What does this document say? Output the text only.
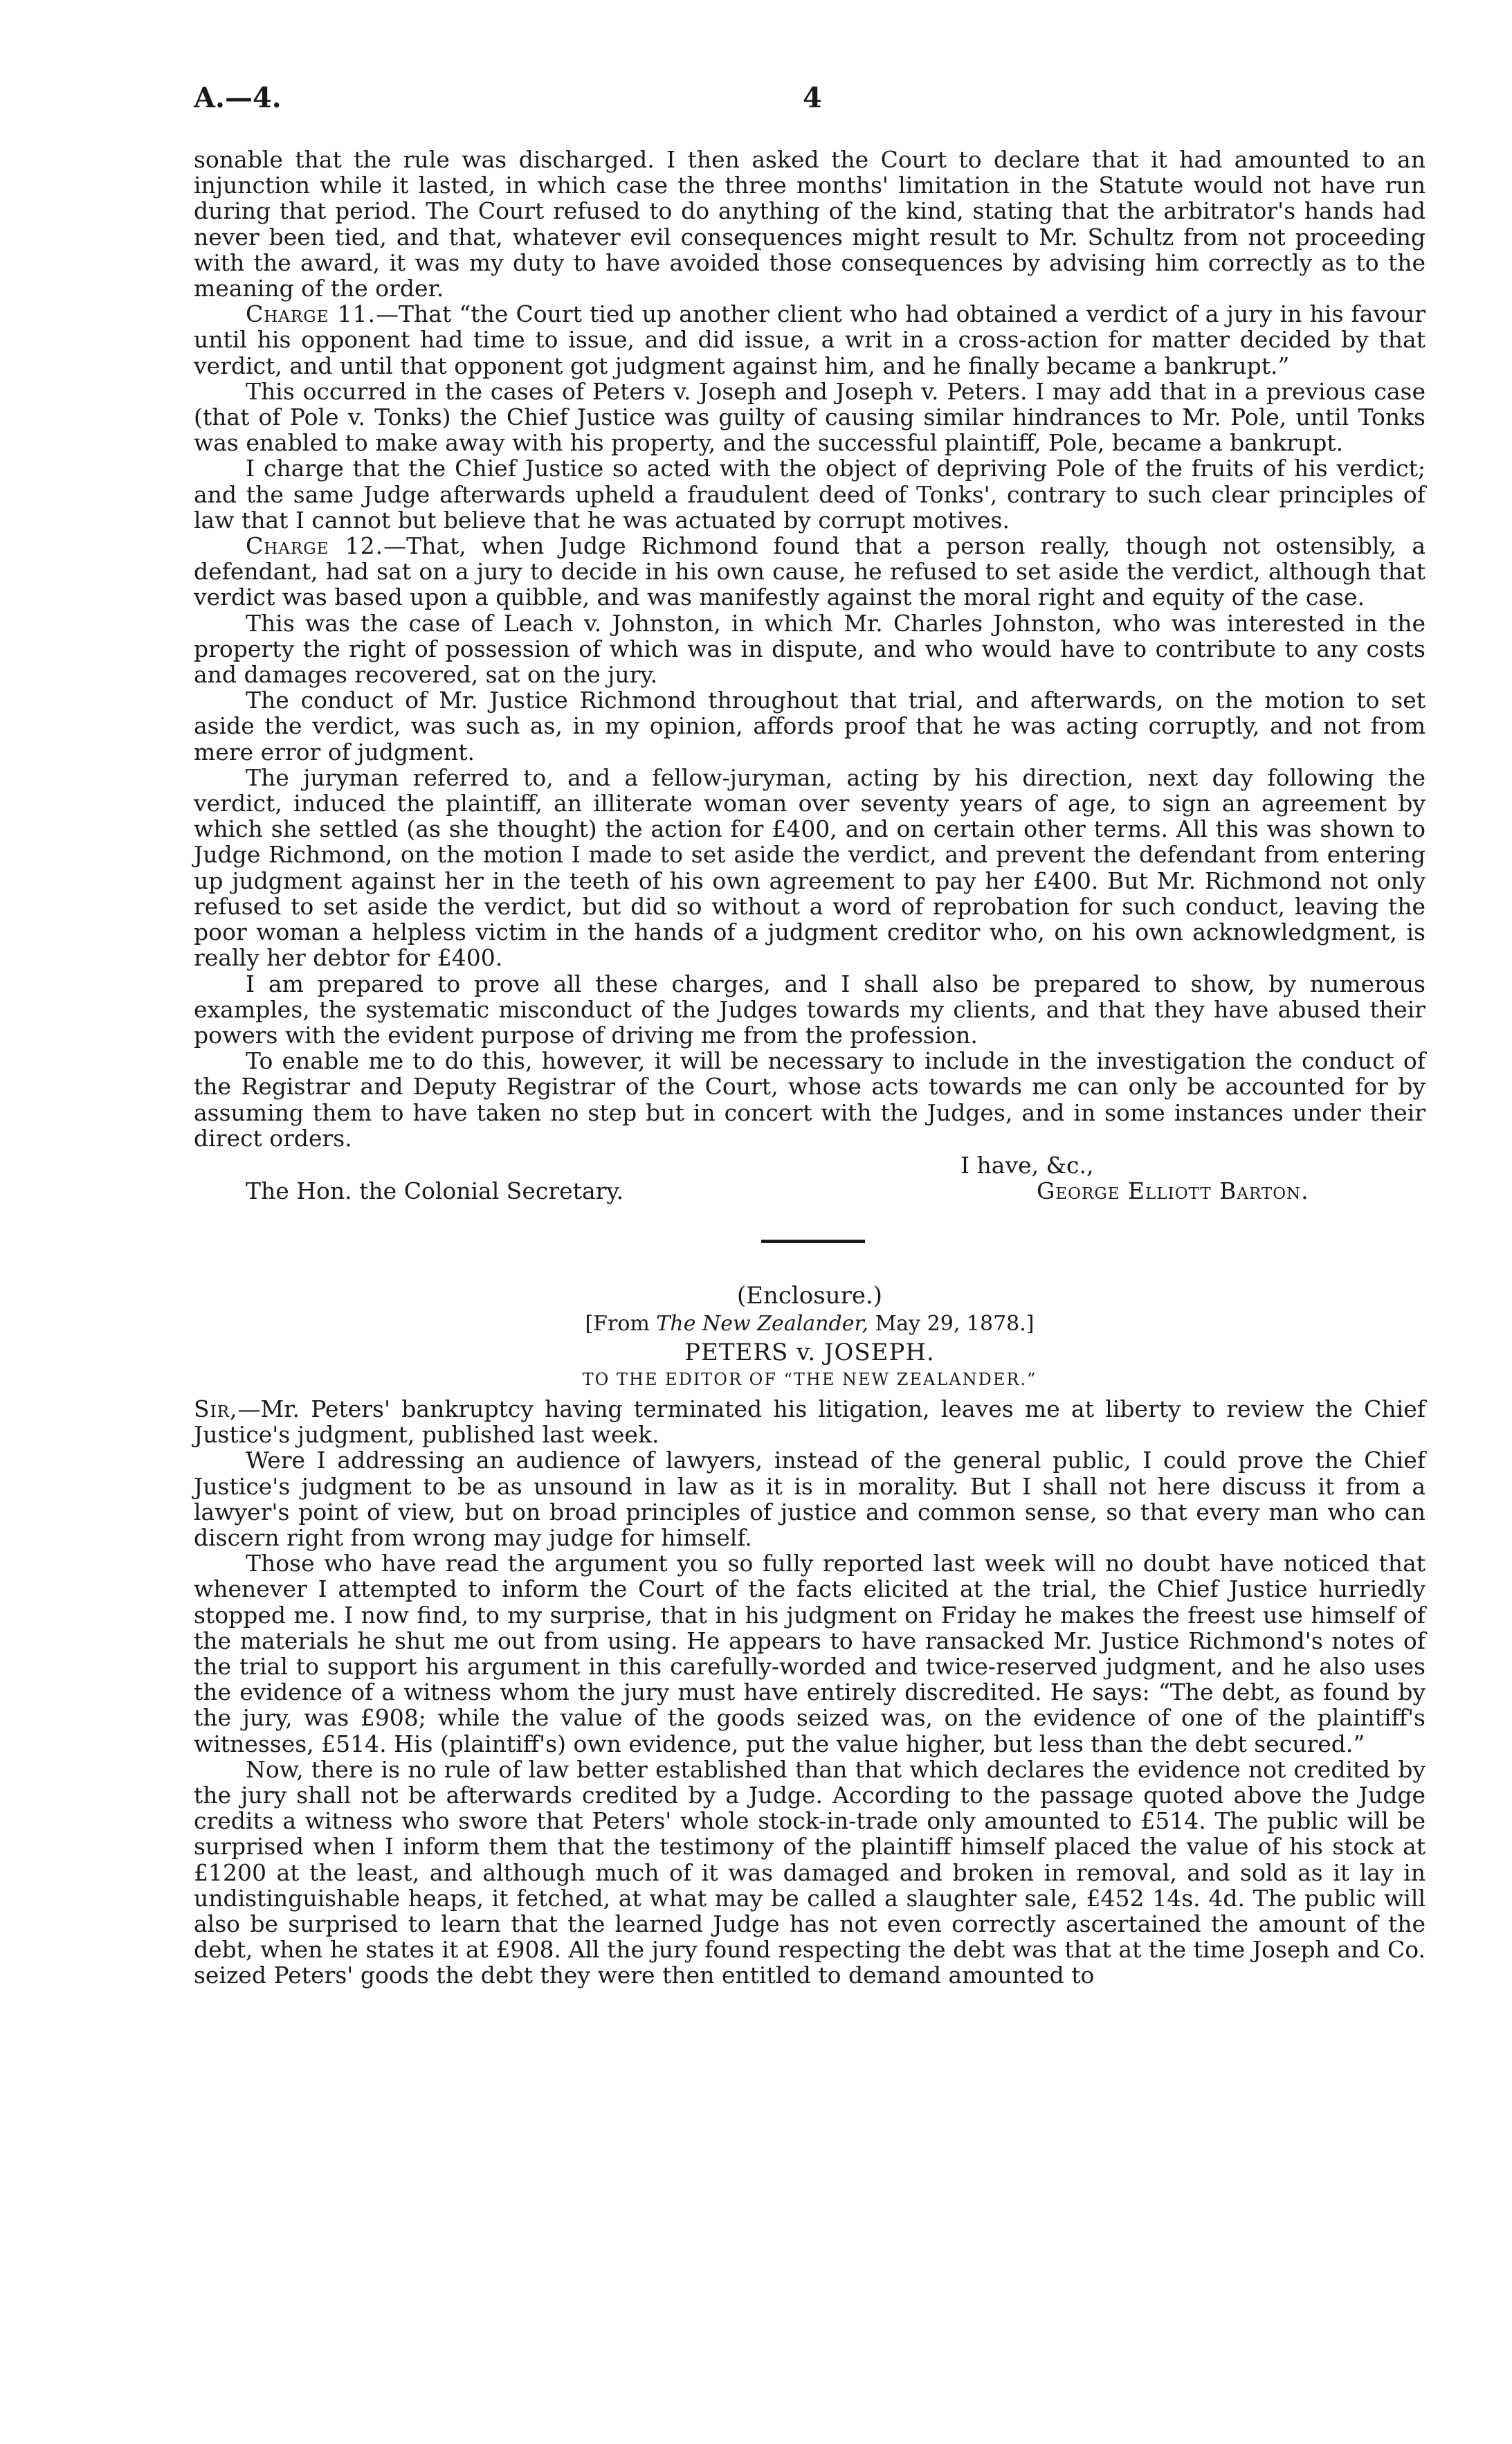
A.—4.	4

sonable that the rule was discharged. I then asked the Court to declare that it had amounted to an injunction while it lasted, in which case the three months' limitation in the Statute would not have run during that period. The Court refused to do anything of the kind, stating that the arbitrator's hands had never been tied, and that, whatever evil consequences might result to Mr. Schultz from not proceeding with the award, it was my duty to have avoided those consequences by advising him correctly as to the meaning of the order.

Charge 11.—That “the Court tied up another client who had obtained a verdict of a jury in his favour until his opponent had time to issue, and did issue, a writ in a cross-action for matter decided by that verdict, and until that opponent got judgment against him, and he finally became a bankrupt.”

This occurred in the cases of Peters v. Joseph and Joseph v. Peters. I may add that in a previous case (that of Pole v. Tonks) the Chief Justice was guilty of causing similar hindrances to Mr. Pole, until Tonks was enabled to make away with his property, and the successful plaintiff, Pole, became a bankrupt.

I charge that the Chief Justice so acted with the object of depriving Pole of the fruits of his verdict; and the same Judge afterwards upheld a fraudulent deed of Tonks', contrary to such clear principles of law that I cannot but believe that he was actuated by corrupt motives.

Charge 12.—That, when Judge Richmond found that a person really, though not ostensibly, a defendant, had sat on a jury to decide in his own cause, he refused to set aside the verdict, although that verdict was based upon a quibble, and was manifestly against the moral right and equity of the case.

This was the case of Leach v. Johnston, in which Mr. Charles Johnston, who was interested in the property the right of possession of which was in dispute, and who would have to contribute to any costs and damages recovered, sat on the jury.

The conduct of Mr. Justice Richmond throughout that trial, and afterwards, on the motion to set aside the verdict, was such as, in my opinion, affords proof that he was acting corruptly, and not from mere error of judgment.

The juryman referred to, and a fellow-juryman, acting by his direction, next day following the verdict, induced the plaintiff, an illiterate woman over seventy years of age, to sign an agreement by which she settled (as she thought) the action for £400, and on certain other terms. All this was shown to Judge Richmond, on the motion I made to set aside the verdict, and prevent the defendant from entering up judgment against her in the teeth of his own agreement to pay her £400. But Mr. Richmond not only refused to set aside the verdict, but did so without a word of reprobation for such conduct, leaving the poor woman a helpless victim in the hands of a judgment creditor who, on his own acknowledgment, is really her debtor for £400.

I am prepared to prove all these charges, and I shall also be prepared to show, by numerous examples, the systematic misconduct of the Judges towards my clients, and that they have abused their powers with the evident purpose of driving me from the profession.

To enable me to do this, however, it will be necessary to include in the investigation the conduct of the Registrar and Deputy Registrar of the Court, whose acts towards me can only be accounted for by assuming them to have taken no step but in concert with the Judges, and in some instances under their direct orders.

I have, &c.,
The Hon. the Colonial Secretary.	George Elliott Barton.
(Enclosure.)
[From The New Zealander, May 29, 1878.]
PETERS v. JOSEPH.
TO THE EDITOR OF “THE NEW ZEALANDER.”

Sir,—Mr. Peters' bankruptcy having terminated his litigation, leaves me at liberty to review the Chief Justice's judgment, published last week.

Were I addressing an audience of lawyers, instead of the general public, I could prove the Chief Justice's judgment to be as unsound in law as it is in morality. But I shall not here discuss it from a lawyer's point of view, but on broad principles of justice and common sense, so that every man who can discern right from wrong may judge for himself.

Those who have read the argument you so fully reported last week will no doubt have noticed that whenever I attempted to inform the Court of the facts elicited at the trial, the Chief Justice hurriedly stopped me. I now find, to my surprise, that in his judgment on Friday he makes the freest use himself of the materials he shut me out from using. He appears to have ransacked Mr. Justice Richmond's notes of the trial to support his argument in this carefully-worded and twice-reserved judgment, and he also uses the evidence of a witness whom the jury must have entirely discredited. He says: “The debt, as found by the jury, was £908; while the value of the goods seized was, on the evidence of one of the plaintiff's witnesses, £514. His (plaintiff's) own evidence, put the value higher, but less than the debt secured.”

Now, there is no rule of law better established than that which declares the evidence not credited by the jury shall not be afterwards credited by a Judge. According to the passage quoted above the Judge credits a witness who swore that Peters' whole stock-in-trade only amounted to £514. The public will be surprised when I inform them that the testimony of the plaintiff himself placed the value of his stock at £1200 at the least, and although much of it was damaged and broken in removal, and sold as it lay in undistinguishable heaps, it fetched, at what may be called a slaughter sale, £452 14s. 4d. The public will also be surprised to learn that the learned Judge has not even correctly ascertained the amount of the debt, when he states it at £908. All the jury found respecting the debt was that at the time Joseph and Co. seized Peters' goods the debt they were then entitled to demand amounted to
